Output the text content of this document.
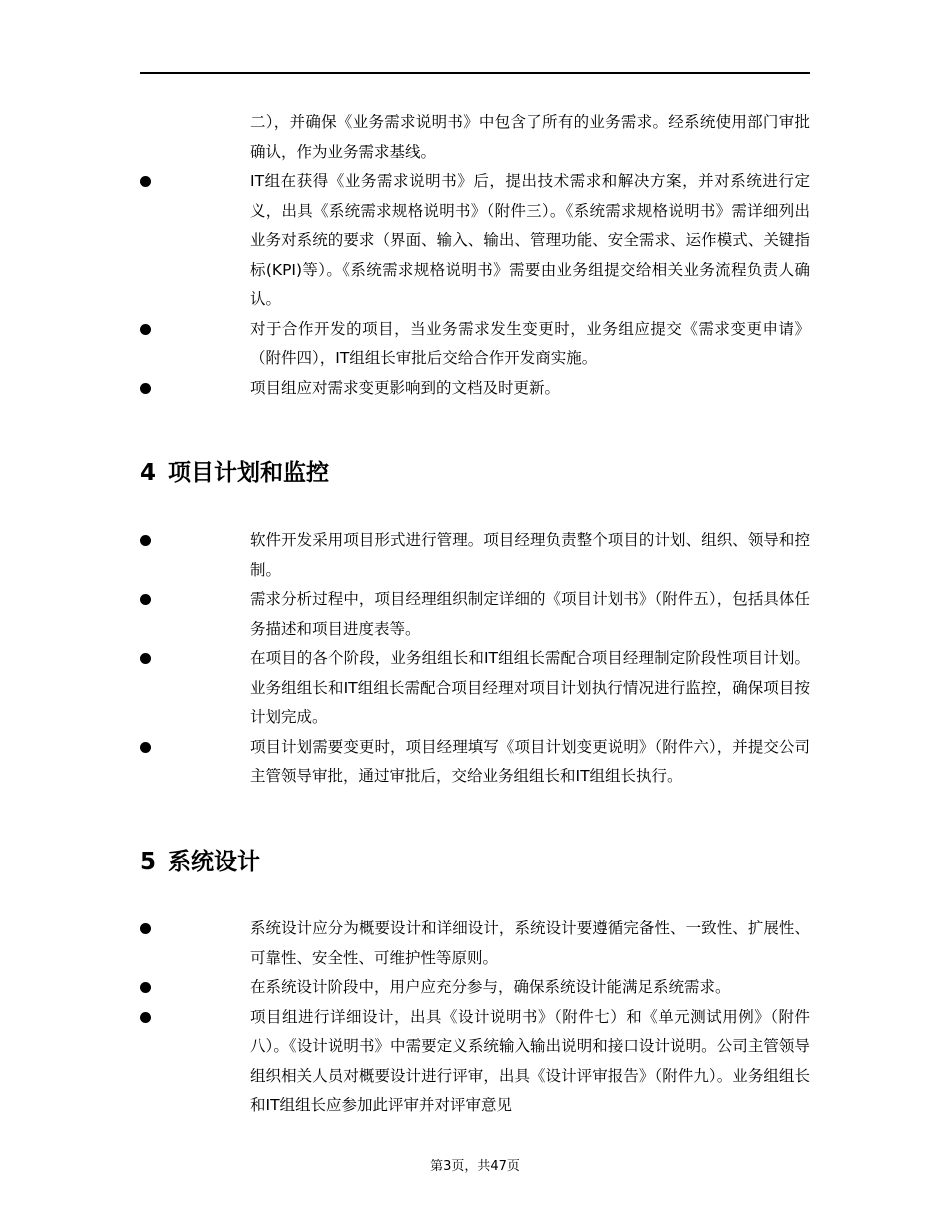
二），并确保《业务需求说明书》中包含了所有的业务需求。经系统使用部门审批确认，作为业务需求基线。
IT组在获得《业务需求说明书》后，提出技术需求和解决方案，并对系统进行定义，出具《系统需求规格说明书》（附件三）。《系统需求规格说明书》需详细列出业务对系统的要求（界面、输入、输出、管理功能、安全需求、运作模式、关键指标(KPI)等）。《系统需求规格说明书》需要由业务组提交给相关业务流程负责人确认。
对于合作开发的项目，当业务需求发生变更时，业务组应提交《需求变更申请》（附件四），IT组组长审批后交给合作开发商实施。
项目组应对需求变更影响到的文档及时更新。
4 项目计划和监控
软件开发采用项目形式进行管理。项目经理负责整个项目的计划、组织、领导和控制。
需求分析过程中，项目经理组织制定详细的《项目计划书》（附件五），包括具体任务描述和项目进度表等。
在项目的各个阶段，业务组组长和IT组组长需配合项目经理制定阶段性项目计划。业务组组长和IT组组长需配合项目经理对项目计划执行情况进行监控，确保项目按计划完成。
项目计划需要变更时，项目经理填写《项目计划变更说明》（附件六），并提交公司主管领导审批，通过审批后，交给业务组组长和IT组组长执行。
5 系统设计
系统设计应分为概要设计和详细设计，系统设计要遵循完备性、一致性、扩展性、可靠性、安全性、可维护性等原则。
在系统设计阶段中，用户应充分参与，确保系统设计能满足系统需求。
项目组进行详细设计，出具《设计说明书》（附件七）和《单元测试用例》（附件八）。《设计说明书》中需要定义系统输入输出说明和接口设计说明。公司主管领导组织相关人员对概要设计进行评审，出具《设计评审报告》（附件九）。业务组组长和IT组组长应参加此评审并对评审意见
第3页，共47页
